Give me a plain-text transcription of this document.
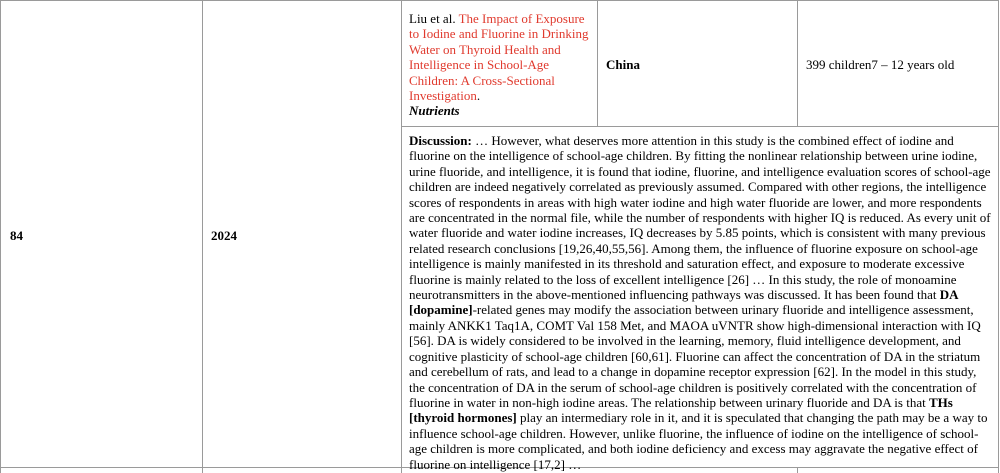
84	2024
Liu et al. The Impact of Exposure to Iodine and Fluorine in Drinking Water on Thyroid Health and Intelligence in School-Age Children: A Cross-Sectional Investigation.
Nutrients
China	399 children7 – 12 years old

Discussion: … However, what deserves more attention in this study is the combined effect of iodine and fluorine on the intelligence of school-age children. By fitting the nonlinear relationship between urine iodine, urine fluoride, and intelligence, it is found that iodine, fluorine, and intelligence evaluation scores of school-age children are indeed negatively correlated as previously assumed. Compared with other regions, the intelligence scores of respondents in areas with high water iodine and high water fluoride are lower, and more respondents are concentrated in the normal file, while the number of respondents with higher IQ is reduced. As every unit of water fluoride and water iodine increases, IQ decreases by 5.85 points, which is consistent with many previous related research conclusions [19,26,40,55,56]. Among them, the influence of fluorine exposure on school-age intelligence is mainly manifested in its threshold and saturation effect, and exposure to moderate excessive fluorine is mainly related to the loss of excellent intelligence [26] … In this study, the role of monoamine neurotransmitters in the above-mentioned influencing pathways was discussed. It has been found that DA [dopamine]-related genes may modify the association between urinary fluoride and intelligence assessment, mainly ANKK1 Taq1A, COMT Val 158 Met, and MAOA uVNTR show high-dimensional interaction with IQ [56]. DA is widely considered to be involved in the learning, memory, fluid intelligence development, and cognitive plasticity of school-age children [60,61]. Fluorine can affect the concentration of DA in the striatum and cerebellum of rats, and lead to a change in dopamine receptor expression [62]. In the model in this study, the concentration of DA in the serum of school-age children is positively correlated with the concentration of fluorine in water in non-high iodine areas. The relationship between urinary fluoride and DA is that THs [thyroid hormones] play an intermediary role in it, and it is speculated that changing the path may be a way to influence school-age children. However, unlike fluorine, the influence of iodine on the intelligence of school-age children is more complicated, and both iodine deficiency and excess may aggravate the negative effect of fluorine on intelligence [17,2] …
